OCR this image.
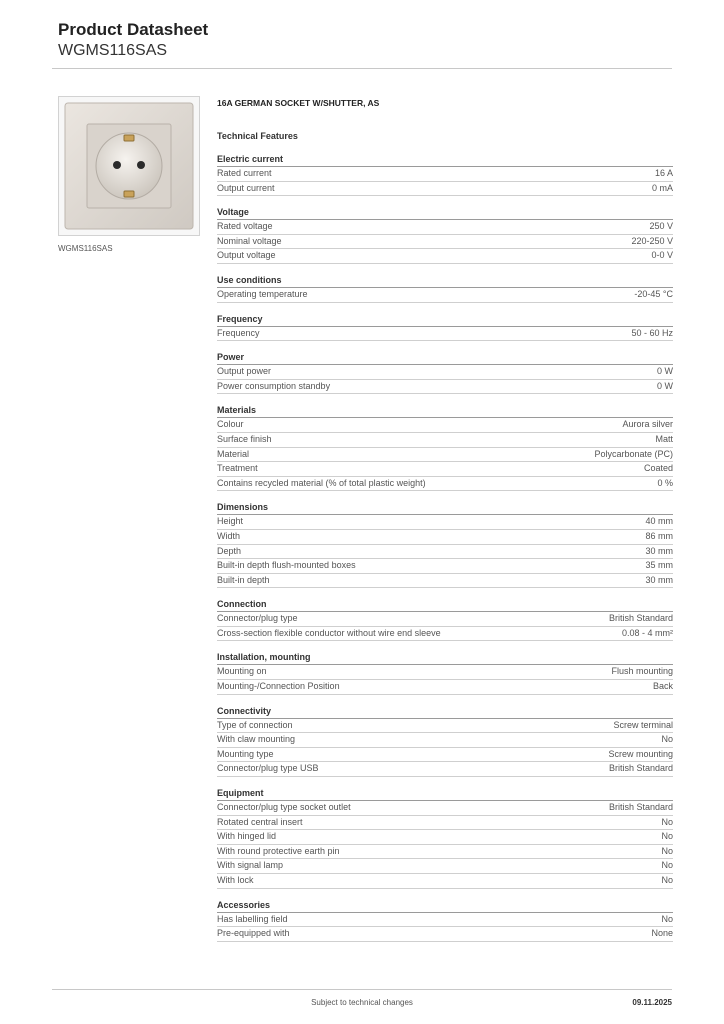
Product Datasheet
WGMS116SAS
WGMS116SAS
16A GERMAN SOCKET W/SHUTTER, AS
Technical Features
Electric current
Rated current	16 A
Output current	0 mA
Voltage
Rated voltage	250 V
Nominal voltage	220-250 V
Output voltage	0-0 V
Use conditions
Operating temperature	-20-45 °C
Frequency
Frequency	50 - 60 Hz
Power
Output power	0 W
Power consumption standby	0 W
Materials
Colour	Aurora silver
Surface finish	Matt
Material	Polycarbonate (PC)
Treatment	Coated
Contains recycled material (% of total plastic weight)	0 %
Dimensions
Height	40 mm
Width	86 mm
Depth	30 mm
Built-in depth flush-mounted boxes	35 mm
Built-in depth	30 mm
Connection
Connector/plug type	British Standard
Cross-section flexible conductor without wire end sleeve	0.08 - 4 mm²
Installation, mounting
Mounting on	Flush mounting
Mounting-/Connection Position	Back
Connectivity
Type of connection	Screw terminal
With claw mounting	No
Mounting type	Screw mounting
Connector/plug type USB	British Standard
Equipment
Connector/plug type socket outlet	British Standard
Rotated central insert	No
With hinged lid	No
With round protective earth pin	No
With signal lamp	No
With lock	No
Accessories
Has labelling field	No
Pre-equipped with	None
Subject to technical changes	09.11.2025
